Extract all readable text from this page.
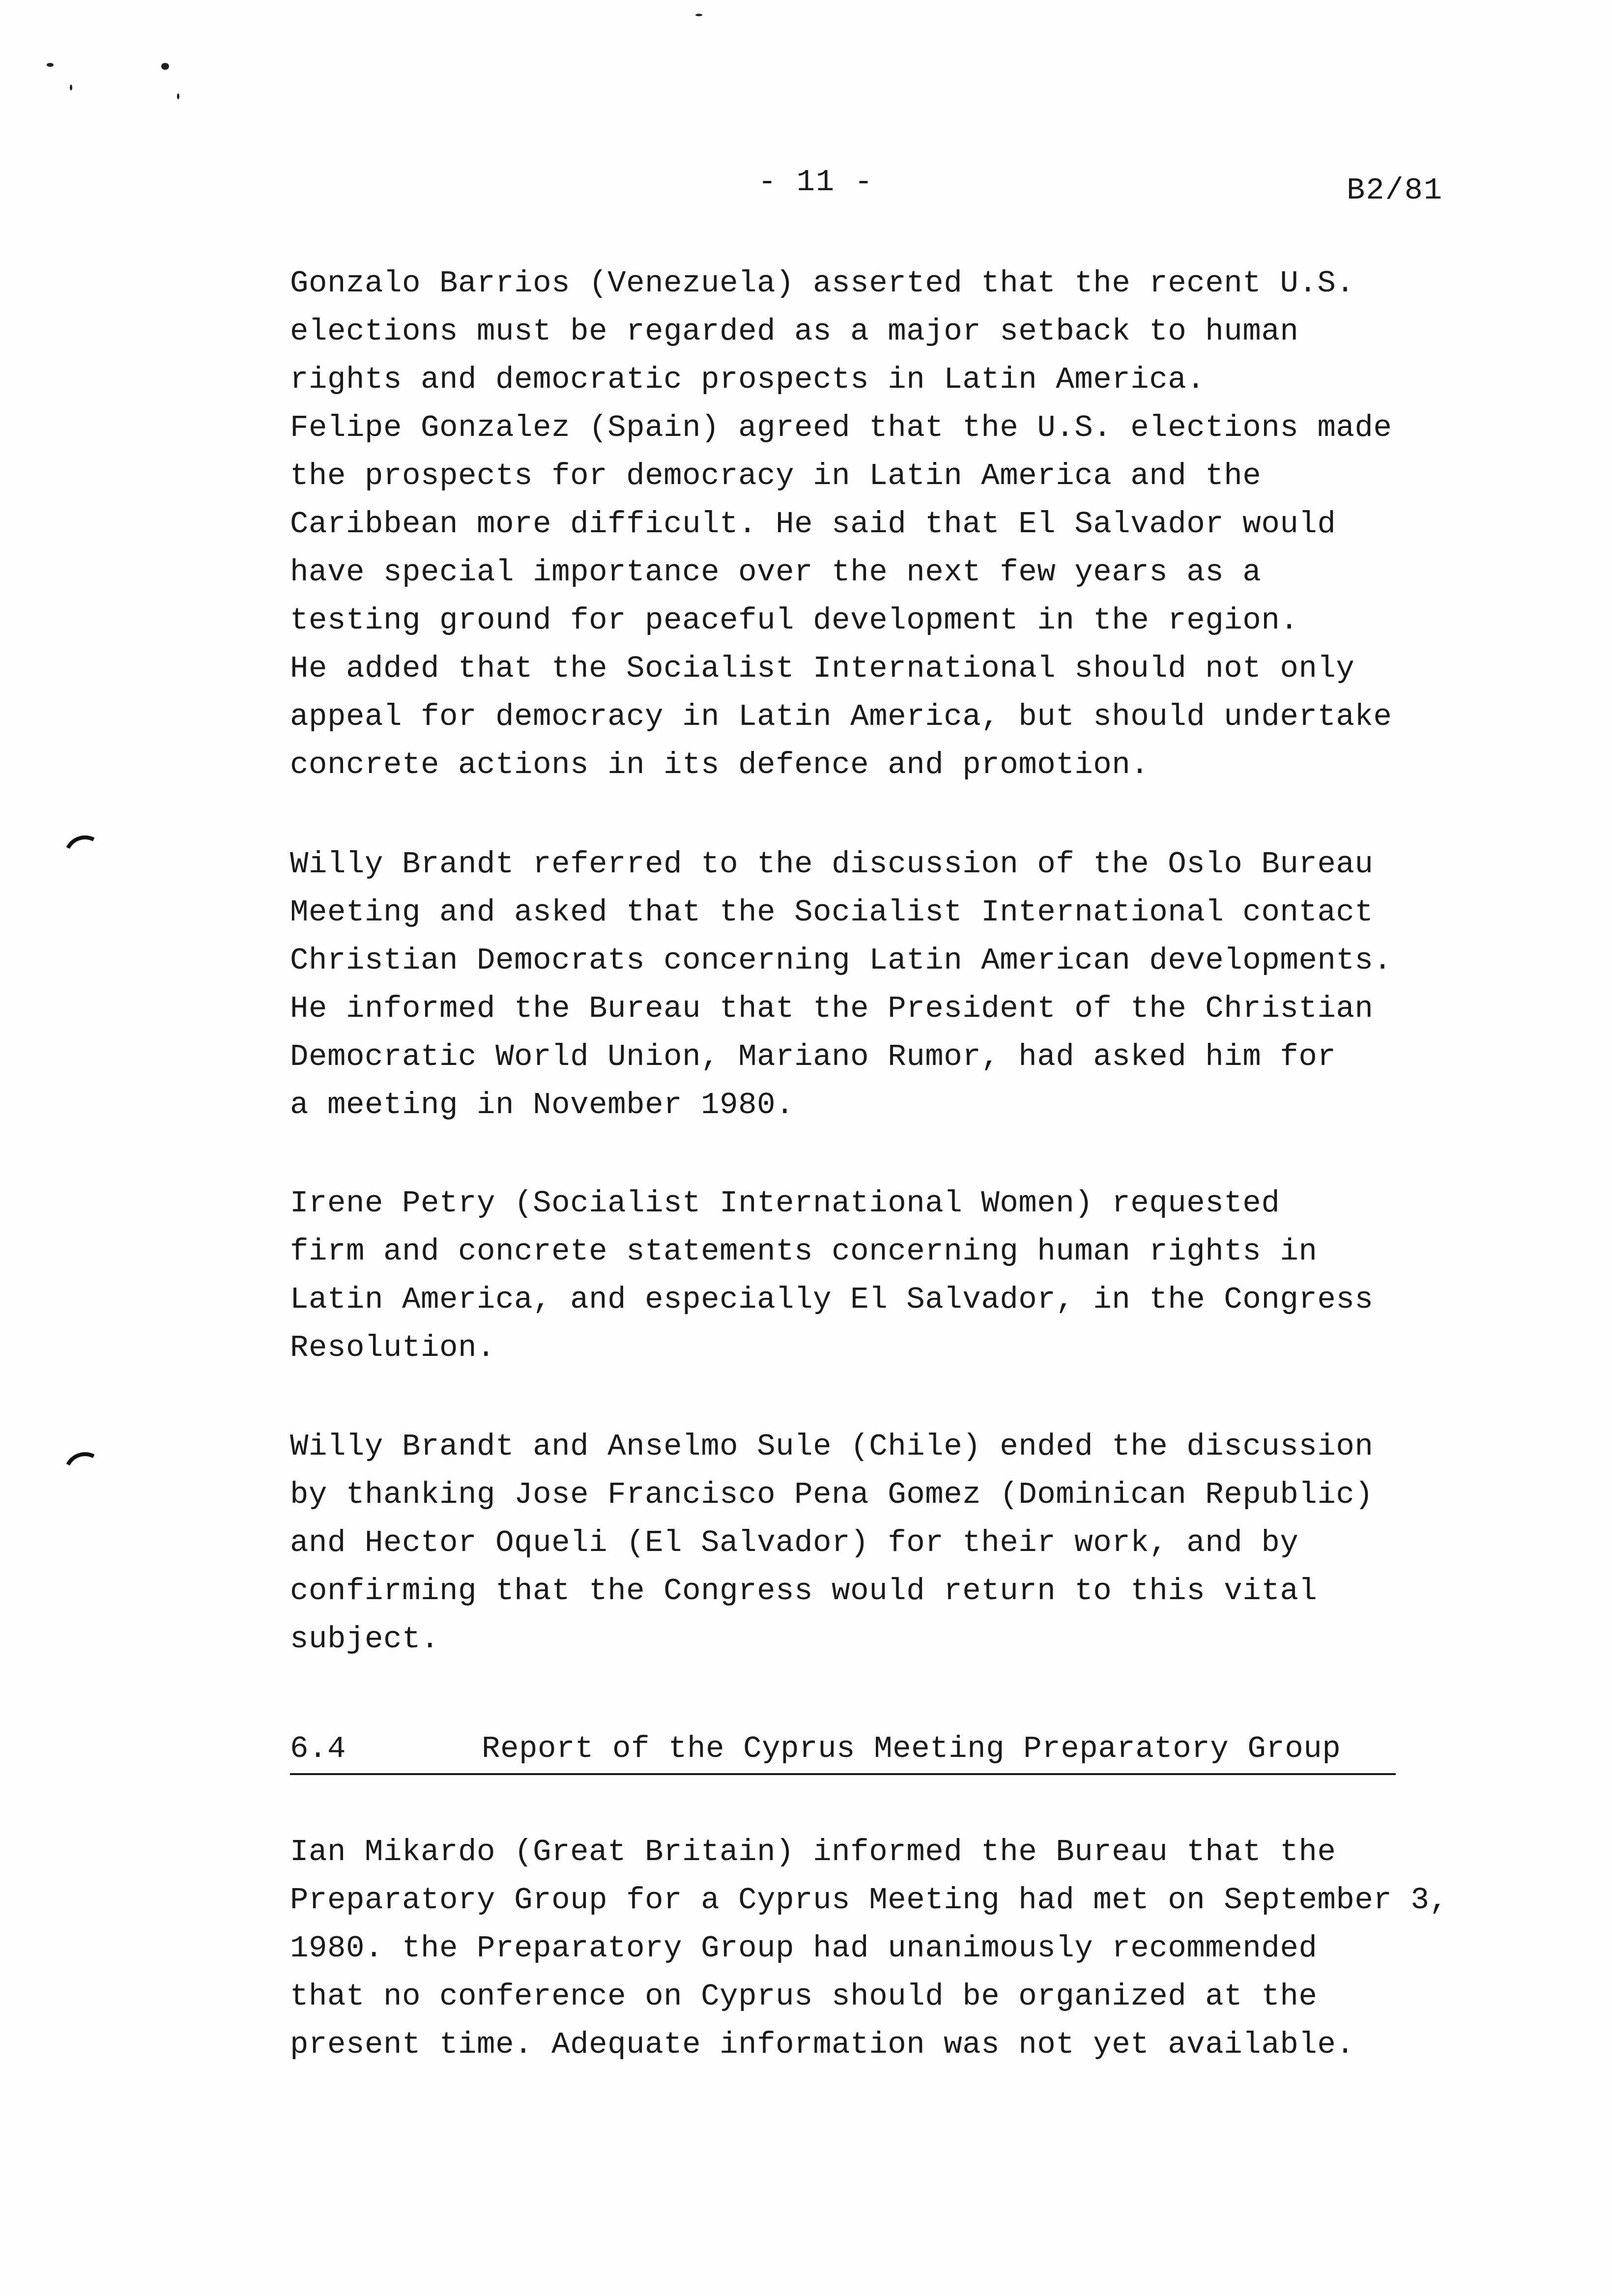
- 11 -	B2/81
Gonzalo Barrios (Venezuela) asserted that the recent U.S.
elections must be regarded as a major setback to human
rights and democratic prospects in Latin America.
Felipe Gonzalez (Spain) agreed that the U.S. elections made
the prospects for democracy in Latin America and the
Caribbean more difficult. He said that El Salvador would
have special importance over the next few years as a
testing ground for peaceful development in the region.
He added that the Socialist International should not only
appeal for democracy in Latin America, but should undertake
concrete actions in its defence and promotion.
Willy Brandt referred to the discussion of the Oslo Bureau
Meeting and asked that the Socialist International contact
Christian Democrats concerning Latin American developments.
He informed the Bureau that the President of the Christian
Democratic World Union, Mariano Rumor, had asked him for
a meeting in November 1980.
Irene Petry (Socialist International Women) requested
firm and concrete statements concerning human rights in
Latin America, and especially El Salvador, in the Congress
Resolution.
Willy Brandt and Anselmo Sule (Chile) ended the discussion
by thanking Jose Francisco Pena Gomez (Dominican Republic)
and Hector Oqueli (El Salvador) for their work, and by
confirming that the Congress would return to this vital
subject.
6.4	Report of the Cyprus Meeting Preparatory Group
Ian Mikardo (Great Britain) informed the Bureau that the
Preparatory Group for a Cyprus Meeting had met on September 3,
1980. the Preparatory Group had unanimously recommended
that no conference on Cyprus should be organized at the
present time. Adequate information was not yet available.
